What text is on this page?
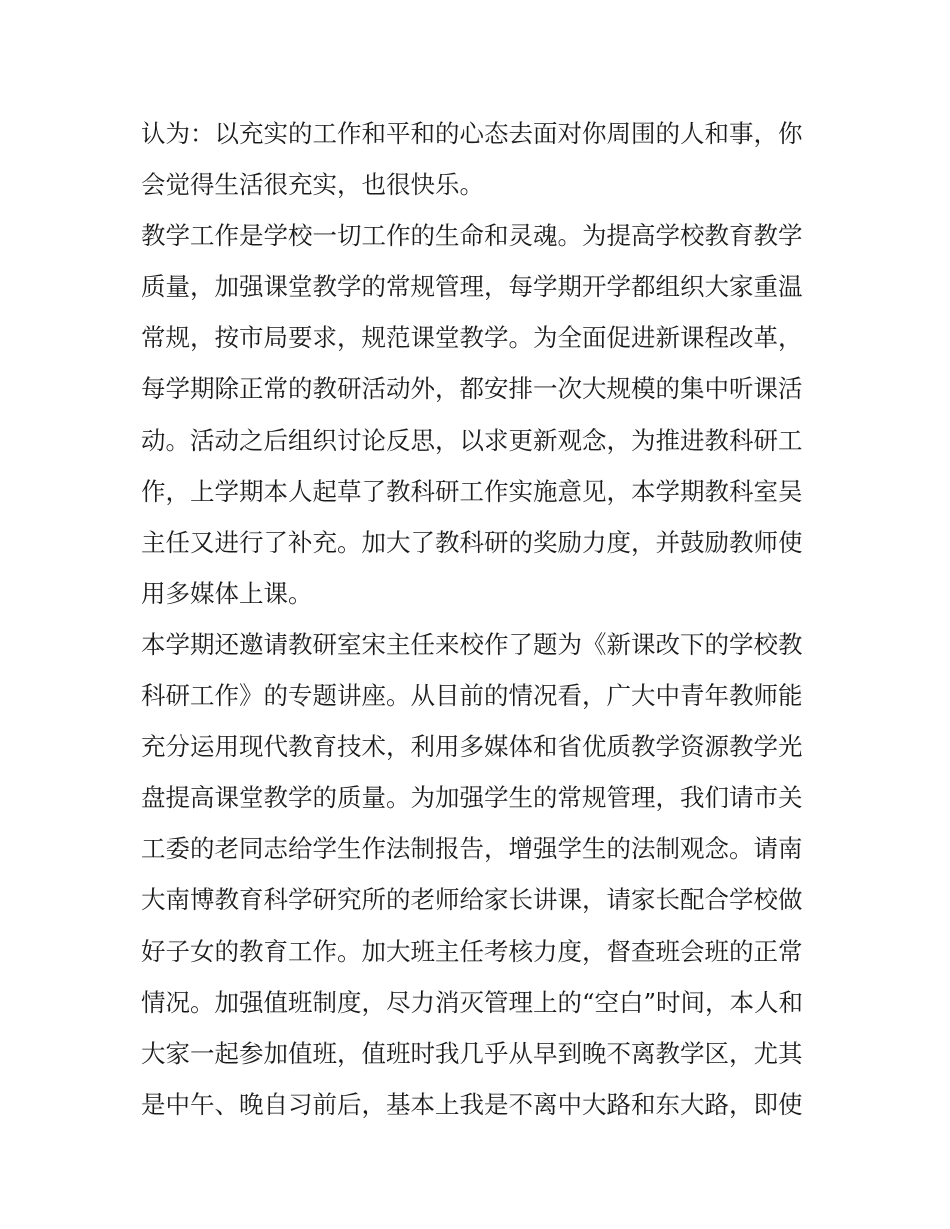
认为：以充实的工作和平和的心态去面对你周围的人和事，你
会觉得生活很充实，也很快乐。
教学工作是学校一切工作的生命和灵魂。为提高学校教育教学
质量，加强课堂教学的常规管理，每学期开学都组织大家重温
常规，按市局要求，规范课堂教学。为全面促进新课程改革，
每学期除正常的教研活动外，都安排一次大规模的集中听课活
动。活动之后组织讨论反思，以求更新观念，为推进教科研工
作，上学期本人起草了教科研工作实施意见，本学期教科室吴
主任又进行了补充。加大了教科研的奖励力度，并鼓励教师使
用多媒体上课。
本学期还邀请教研室宋主任来校作了题为《新课改下的学校教
科研工作》的专题讲座。从目前的情况看，广大中青年教师能
充分运用现代教育技术，利用多媒体和省优质教学资源教学光
盘提高课堂教学的质量。为加强学生的常规管理，我们请市关
工委的老同志给学生作法制报告，增强学生的法制观念。请南
大南博教育科学研究所的老师给家长讲课，请家长配合学校做
好子女的教育工作。加大班主任考核力度，督查班会班的正常
情况。加强值班制度，尽力消灭管理上的“空白”时间，本人和
大家一起参加值班，值班时我几乎从早到晚不离教学区，尤其
是中午、晚自习前后，基本上我是不离中大路和东大路，即使
